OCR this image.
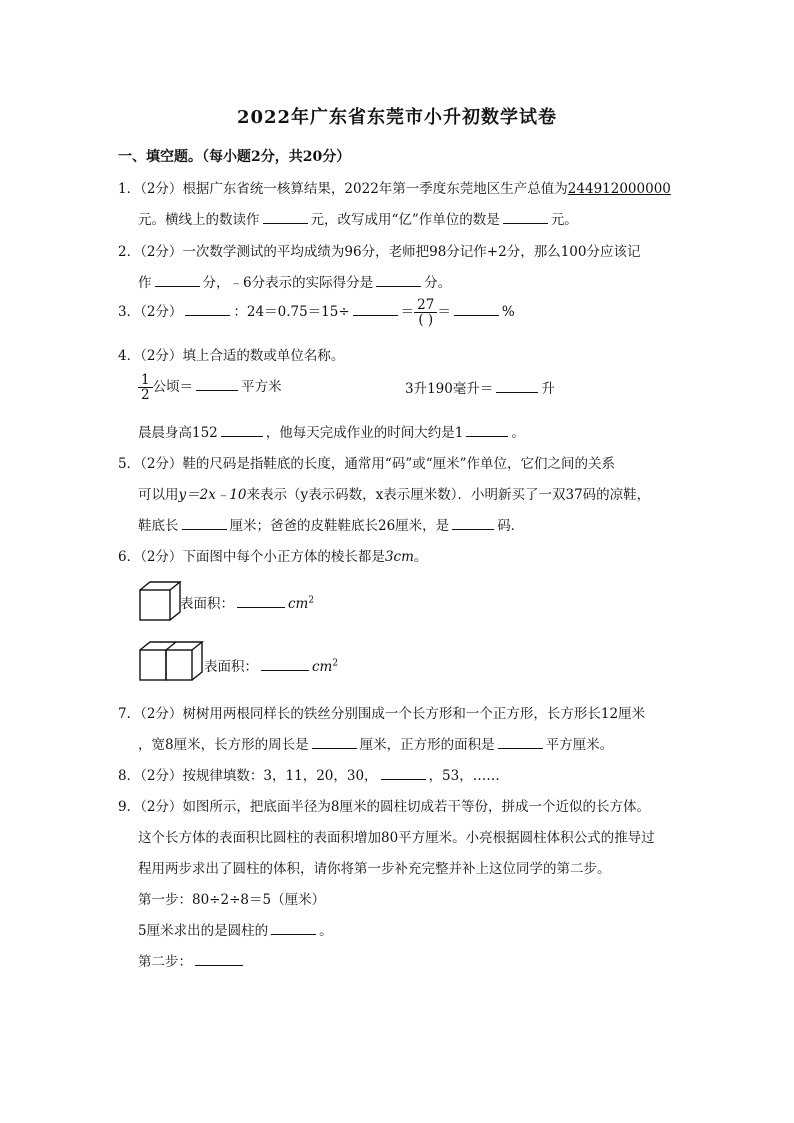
2022年广东省东莞市小升初数学试卷
一、填空题。（每小题2分，共20分）
1．（2分）根据广东省统一核算结果，2022年第一季度东莞地区生产总值为244912000000
元。横线上的数读作	元，改写成用“亿”作单位的数是	元。
2．（2分）一次数学测试的平均成绩为96分，老师把98分记作+2分，那么100分应该记
作	分，﹣6分表示的实际得分是	分。
3．（2分）	：24＝0.75＝15÷	＝ $\frac{27}{( )}$ ＝	%
4．（2分）填上合适的数或单位名称。
$\frac{1}{2}$ 公顷＝	平方米	3升190毫升＝	升
晨晨身高152	，他每天完成作业的时间大约是1	。
5．（2分）鞋的尺码是指鞋底的长度，通常用“码”或“厘米”作单位，它们之间的关系
可以用y＝2x﹣10来表示（y表示码数，x表示厘米数）．小明新买了一双37码的凉鞋，
鞋底长	厘米；爸爸的皮鞋鞋底长26厘米，是	码．
6．（2分）下面图中每个小正方体的棱长都是3cm。
表面积：	$cm^2$
表面积：	$cm^2$
7．（2分）树树用两根同样长的铁丝分别围成一个长方形和一个正方形，长方形长12厘米
，宽8厘米，长方形的周长是	厘米，正方形的面积是	平方厘米。
8．（2分）按规律填数：3，11，20，30，	，53，……
9．（2分）如图所示，把底面半径为8厘米的圆柱切成若干等份，拼成一个近似的长方体。
这个长方体的表面积比圆柱的表面积增加80平方厘米。小亮根据圆柱体积公式的推导过
程用两步求出了圆柱的体积，请你将第一步补充完整并补上这位同学的第二步。
第一步：80÷2÷8＝5（厘米）
5厘米求出的是圆柱的	。
第二步：
